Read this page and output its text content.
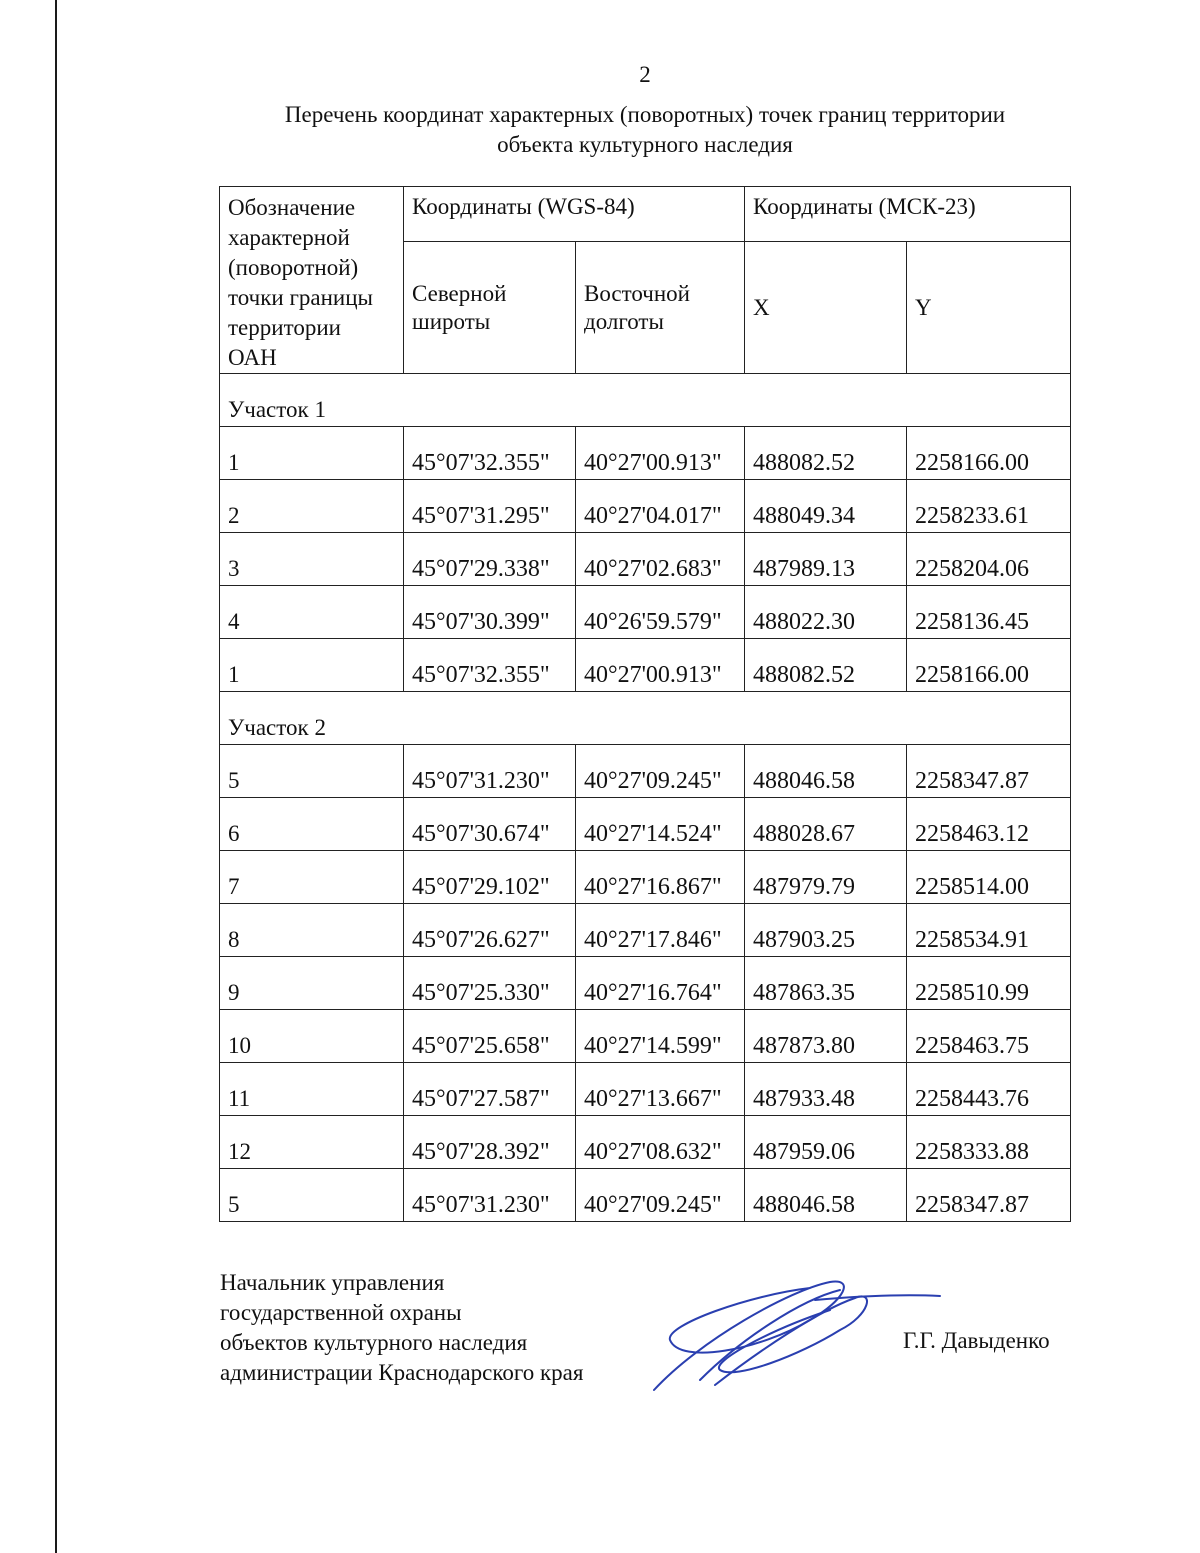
2
Перечень координат характерных (поворотных) точек границ территории
объекта культурного наследия
Обозначение характерной (поворотной) точки границы территории ОАН	Координаты (WGS-84)		Координаты (МСК-23)	
	Северной широты	Восточной долготы	X	Y
Участок 1				
1	45°07'32.355"	40°27'00.913"	488082.52	2258166.00
2	45°07'31.295"	40°27'04.017"	488049.34	2258233.61
3	45°07'29.338"	40°27'02.683"	487989.13	2258204.06
4	45°07'30.399"	40°26'59.579"	488022.30	2258136.45
1	45°07'32.355"	40°27'00.913"	488082.52	2258166.00
Участок 2				
5	45°07'31.230"	40°27'09.245"	488046.58	2258347.87
6	45°07'30.674"	40°27'14.524"	488028.67	2258463.12
7	45°07'29.102"	40°27'16.867"	487979.79	2258514.00
8	45°07'26.627"	40°27'17.846"	487903.25	2258534.91
9	45°07'25.330"	40°27'16.764"	487863.35	2258510.99
10	45°07'25.658"	40°27'14.599"	487873.80	2258463.75
11	45°07'27.587"	40°27'13.667"	487933.48	2258443.76
12	45°07'28.392"	40°27'08.632"	487959.06	2258333.88
5	45°07'31.230"	40°27'09.245"	488046.58	2258347.87
Начальник управления
государственной охраны
объектов культурного наследия
администрации Краснодарского края
Г.Г. Давыденко
